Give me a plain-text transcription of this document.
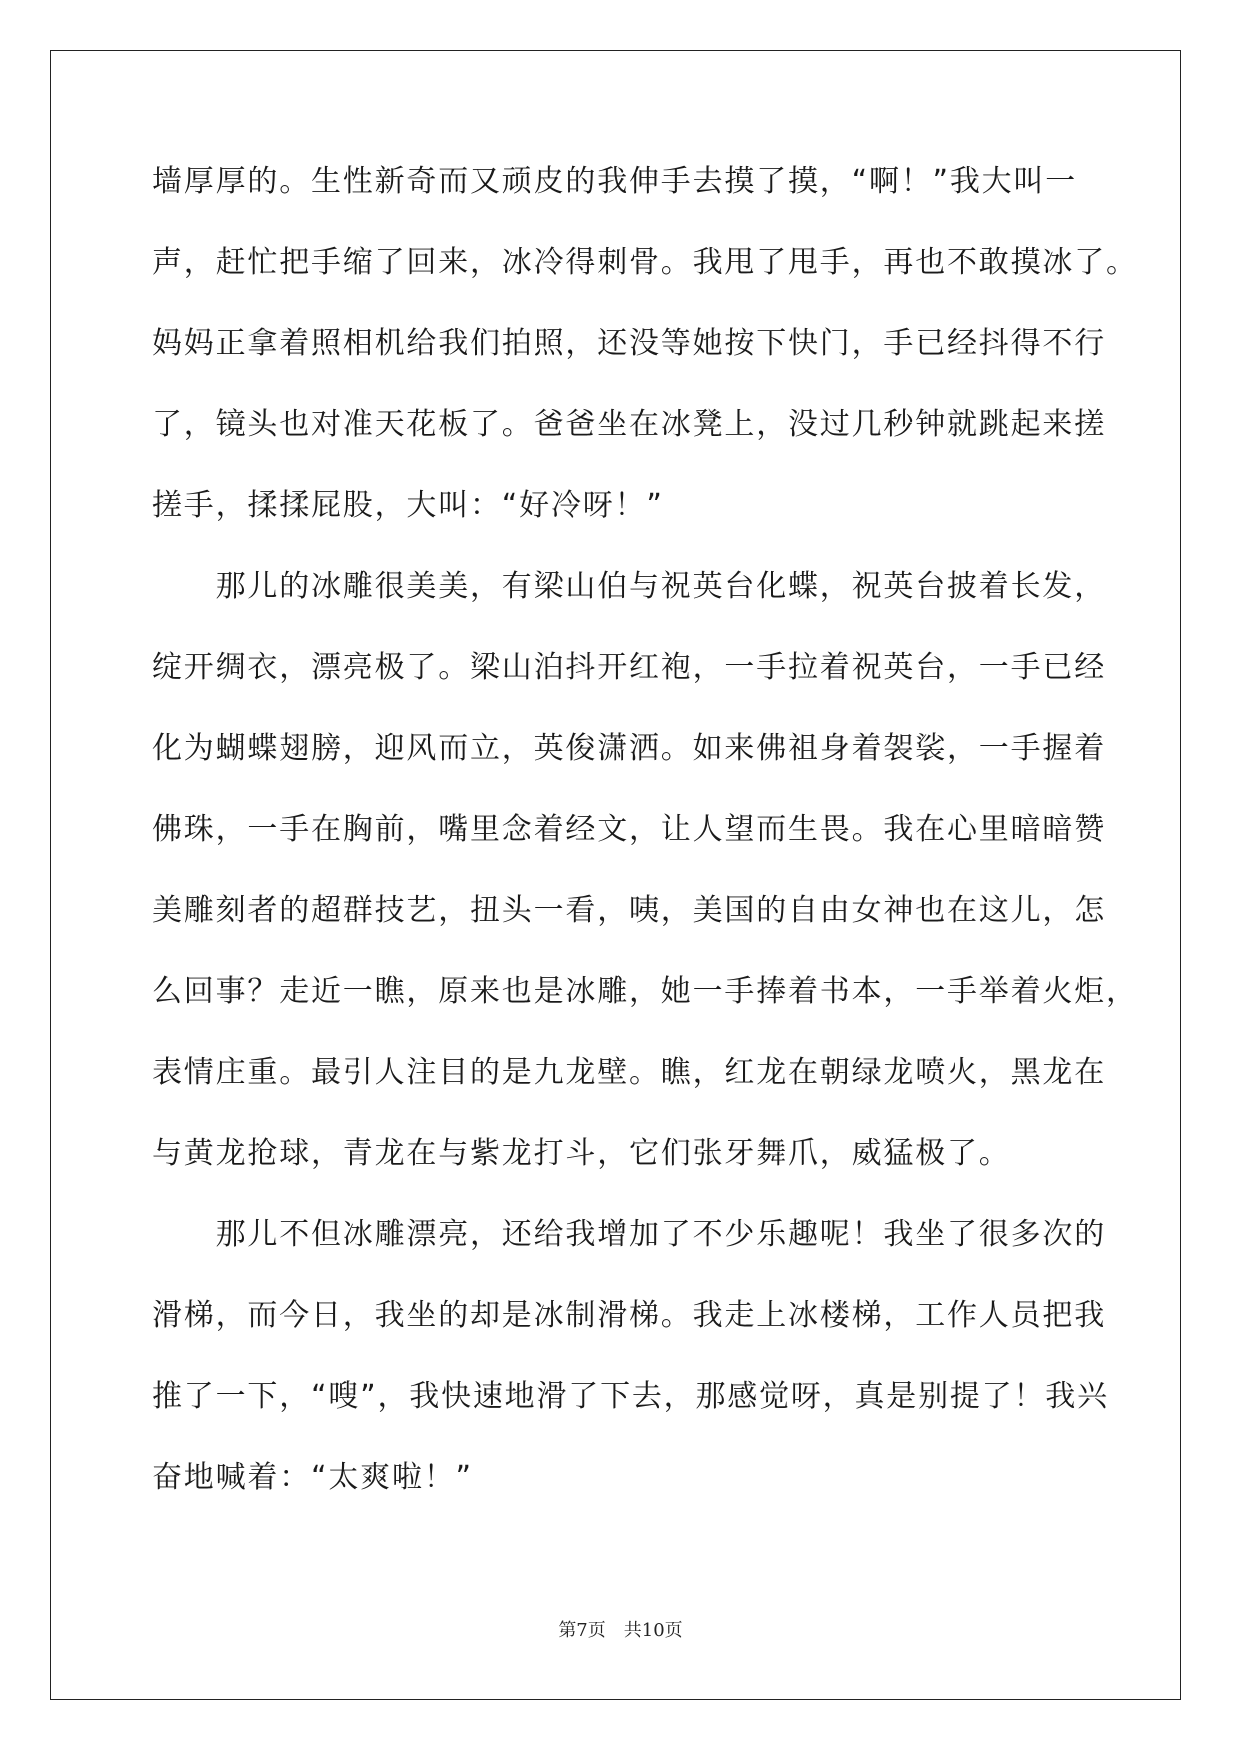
墙厚厚的。生性新奇而又顽皮的我伸手去摸了摸，“啊！”我大叫一
声，赶忙把手缩了回来，冰冷得刺骨。我甩了甩手，再也不敢摸冰了。
妈妈正拿着照相机给我们拍照，还没等她按下快门，手已经抖得不行
了，镜头也对准天花板了。爸爸坐在冰凳上，没过几秒钟就跳起来搓
搓手，揉揉屁股，大叫：“好冷呀！”
　　那儿的冰雕很美美，有梁山伯与祝英台化蝶，祝英台披着长发，
绽开绸衣，漂亮极了。梁山泊抖开红袍，一手拉着祝英台，一手已经
化为蝴蝶翅膀，迎风而立，英俊潇洒。如来佛祖身着袈裟，一手握着
佛珠，一手在胸前，嘴里念着经文，让人望而生畏。我在心里暗暗赞
美雕刻者的超群技艺，扭头一看，咦，美国的自由女神也在这儿，怎
么回事？走近一瞧，原来也是冰雕，她一手捧着书本，一手举着火炬，
表情庄重。最引人注目的是九龙壁。瞧，红龙在朝绿龙喷火，黑龙在
与黄龙抢球，青龙在与紫龙打斗，它们张牙舞爪，威猛极了。
　　那儿不但冰雕漂亮，还给我增加了不少乐趣呢！我坐了很多次的
滑梯，而今日，我坐的却是冰制滑梯。我走上冰楼梯，工作人员把我
推了一下，“嗖”，我快速地滑了下去，那感觉呀，真是别提了！我兴
奋地喊着：“太爽啦！”
第7页　共10页
